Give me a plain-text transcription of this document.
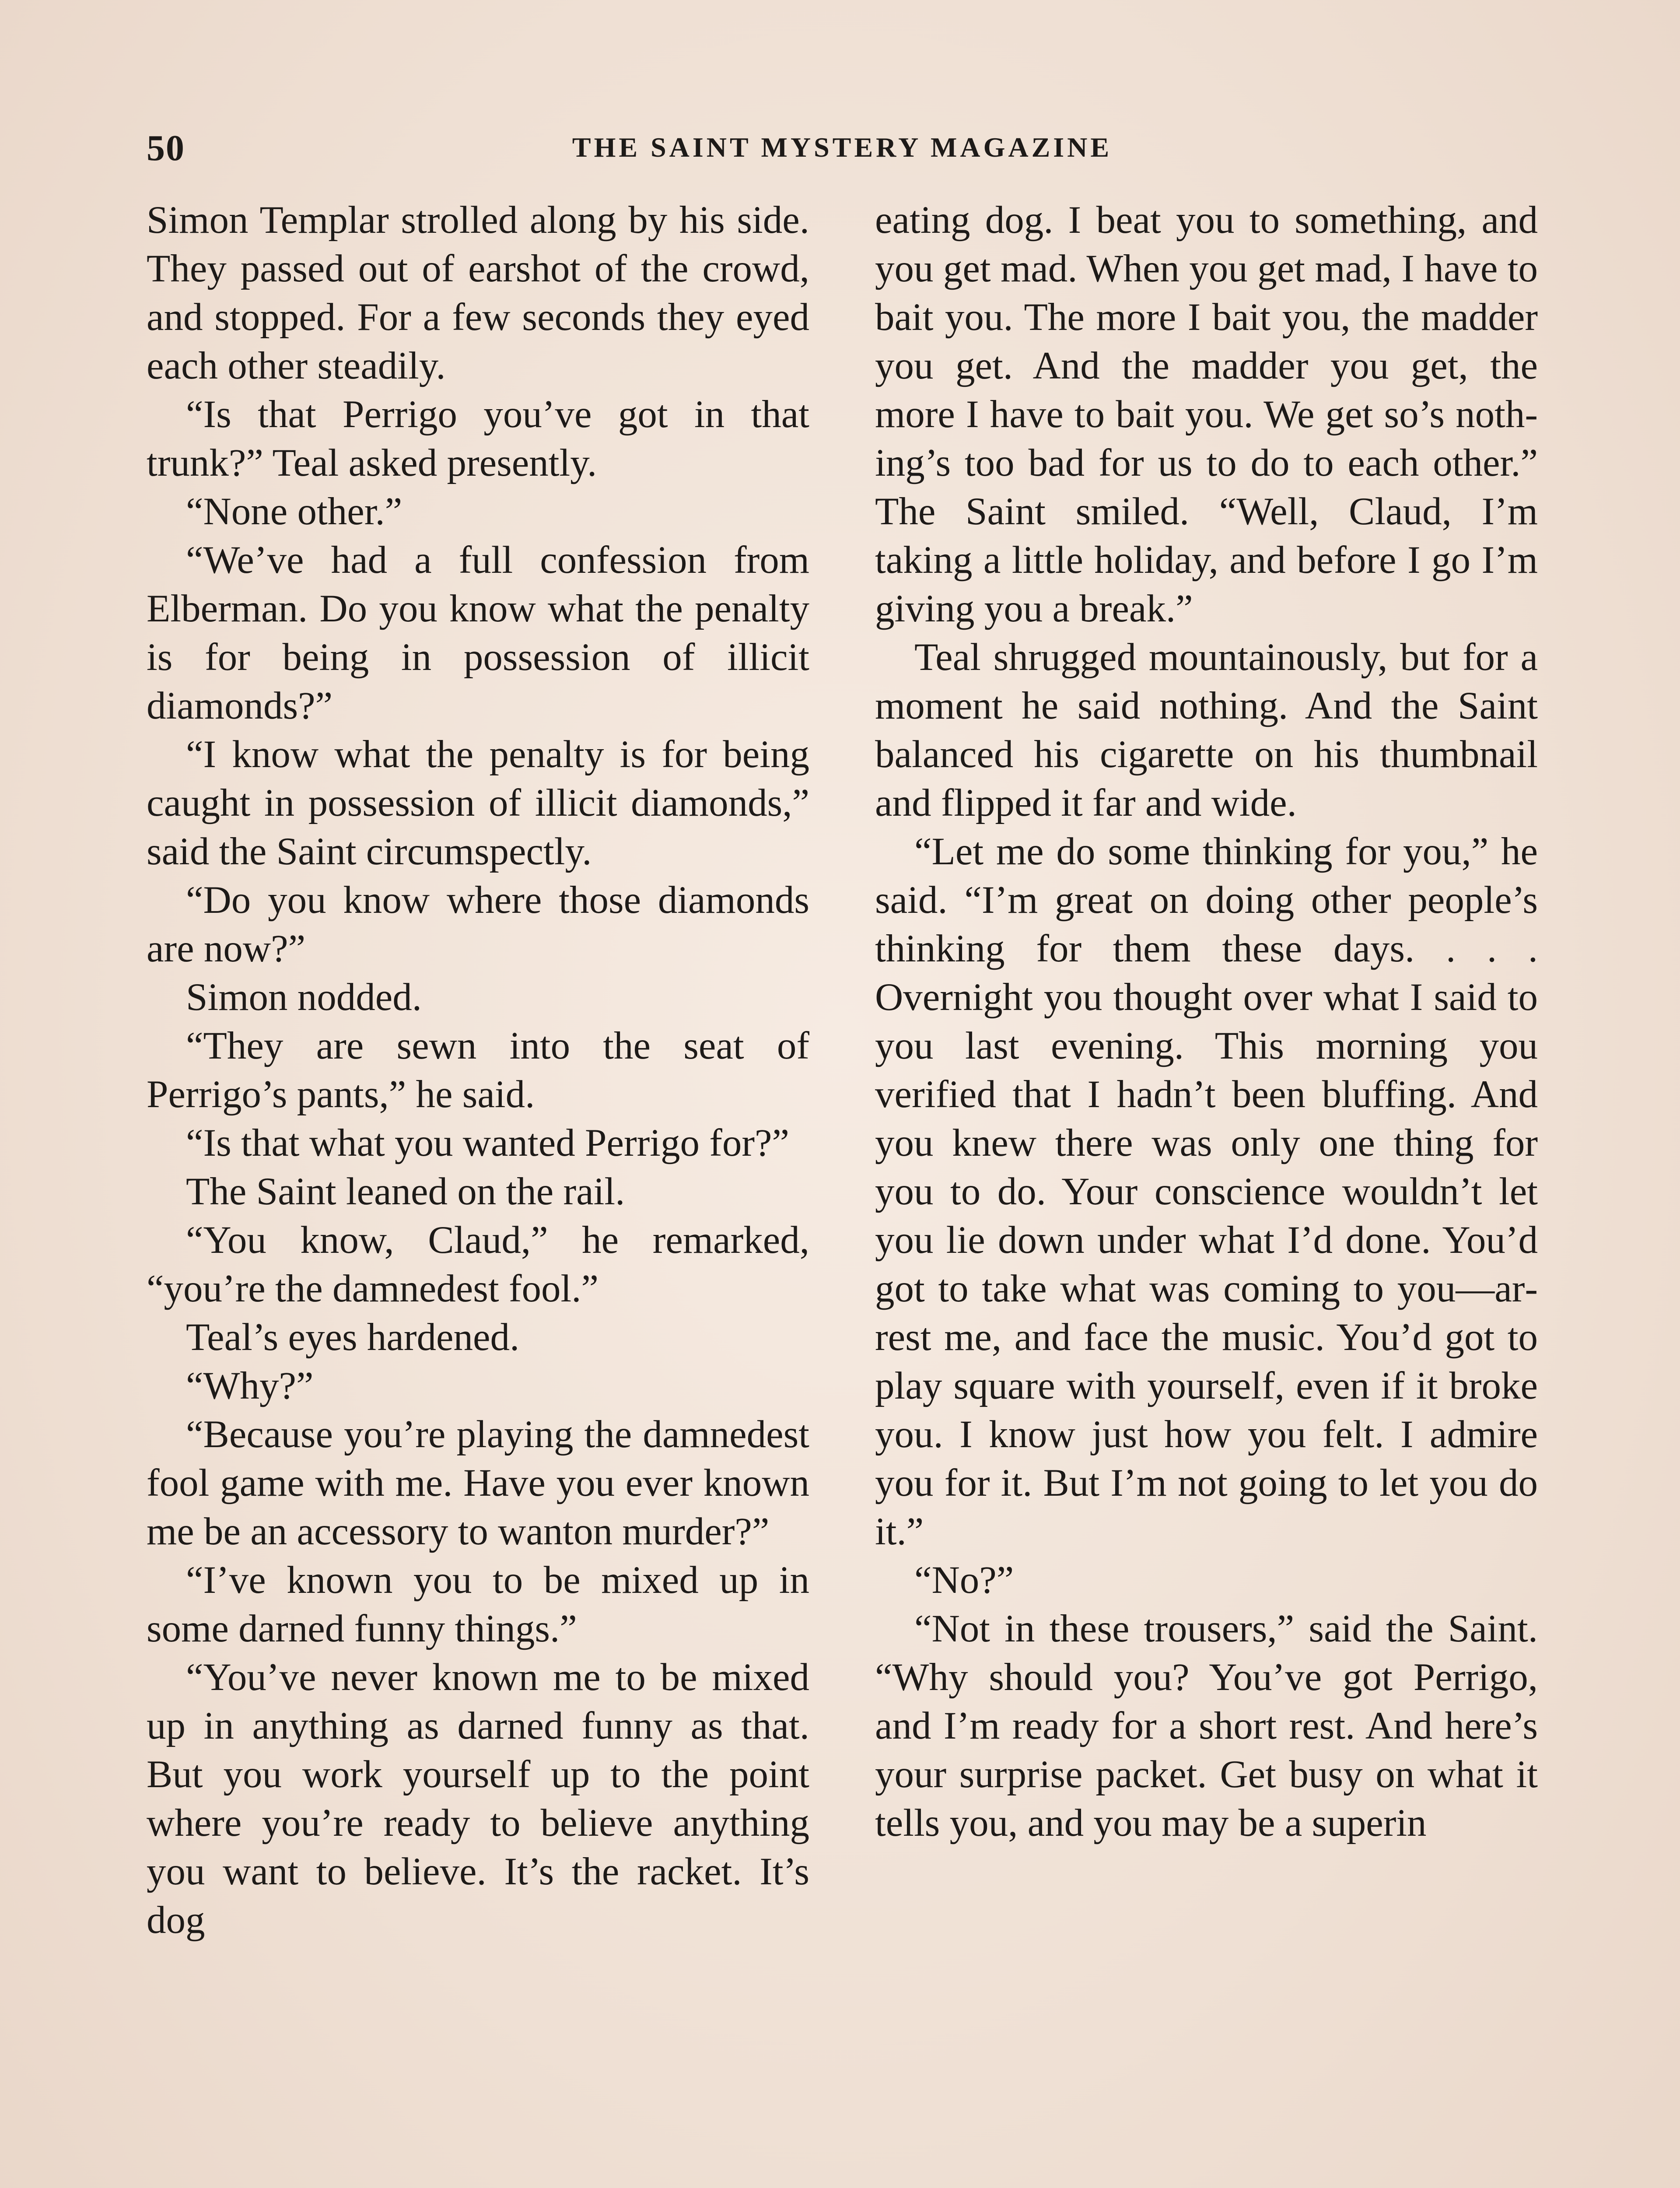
50	THE SAINT MYSTERY MAGAZINE

Simon Templar strolled along by his side. They passed out of earshot of the crowd, and stopped. For a few seconds they eyed each other steadily.

“Is that Perrigo you’ve got in that trunk?” Teal asked presently.

“None other.”

“We’ve had a full confession from Elberman. Do you know what the penalty is for being in possession of illicit diamonds?”

“I know what the penalty is for being caught in possession of illicit diamonds,” said the Saint circumspectly.

“Do you know where those diamonds are now?”

Simon nodded.

“They are sewn into the seat of Perrigo’s pants,” he said.

“Is that what you wanted Perrigo for?”

The Saint leaned on the rail.

“You know, Claud,” he remarked, “you’re the damnedest fool.”

Teal’s eyes hardened.

“Why?”

“Because you’re playing the damnedest fool game with me. Have you ever known me be an accessory to wanton murder?”

“I’ve known you to be mixed up in some darned funny things.”

“You’ve never known me to be mixed up in anything as darned funny as that. But you work yourself up to the point where you’re ready to believe anything you want to believe. It’s the racket. It’s dog

eating dog. I beat you to something, and you get mad. When you get mad, I have to bait you. The more I bait you, the madder you get. And the madder you get, the more I have to bait you. We get so’s nothing’s too bad for us to do to each other.” The Saint smiled. “Well, Claud, I’m taking a little holiday, and before I go I’m giving you a break.”

Teal shrugged mountainously, but for a moment he said nothing. And the Saint balanced his cigarette on his thumbnail and flipped it far and wide.

“Let me do some thinking for you,” he said. “I’m great on doing other people’s thinking for them these days. . . . Overnight you thought over what I said to you last evening. This morning you verified that I hadn’t been bluffing. And you knew there was only one thing for you to do. Your conscience wouldn’t let you lie down under what I’d done. You’d got to take what was coming to you—arrest me, and face the music. You’d got to play square with yourself, even if it broke you. I know just how you felt. I admire you for it. But I’m not going to let you do it.”

“No?”

“Not in these trousers,” said the Saint. “Why should you? You’ve got Perrigo, and I’m ready for a short rest. And here’s your surprise packet. Get busy on what it tells you, and you may be a superin
